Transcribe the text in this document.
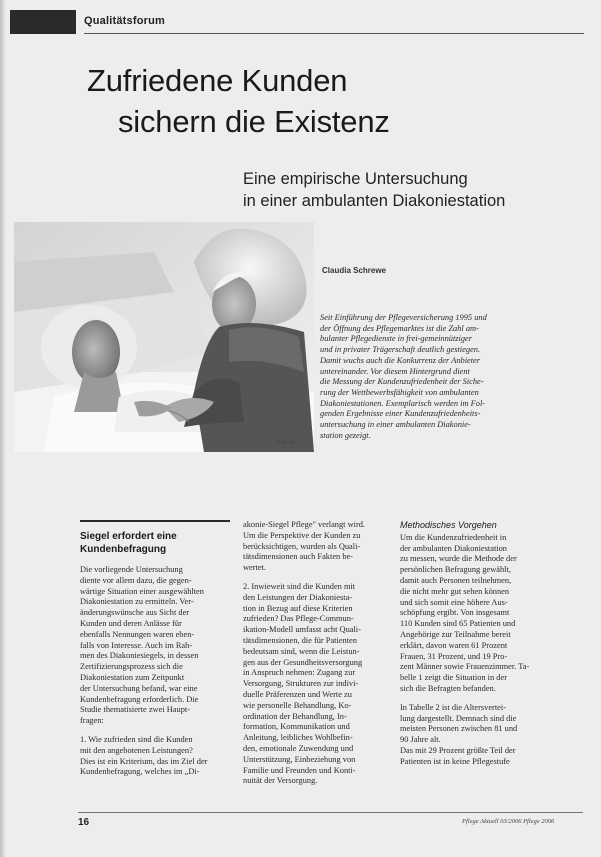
Qualitätsforum
Zufriedene Kunden
sichern die Existenz
Eine empirische Untersuchung
in einer ambulanten Diakoniestation
Claudia Schrewe
Foto: Jul
Seit Einführung der Pflegeversicherung 1995 und
der Öffnung des Pflegemarktes ist die Zahl am-
bulanter Pflegedienste in frei-gemeinnütziger
und in privater Trägerschaft deutlich gestiegen.
Damit wuchs auch die Konkurrenz der Anbieter
untereinander. Vor diesem Hintergrund dient
die Messung der Kundenzufriedenheit der Siche-
rung der Wettbewerbsfähigkeit von ambulanten
Diakoniestationen. Exemplarisch werden im Fol-
genden Ergebnisse einer Kundenzufriedenheits-
untersuchung in einer ambulanten Diakonie-
station gezeigt.
Siegel erfordert eine
Kundenbefragung
Die vorliegende Untersuchung
diente vor allem dazu, die gegen-
wärtige Situation einer ausgewählten
Diakoniestation zu ermitteln. Ver-
änderungswünsche aus Sicht der
Kunden und deren Anlässe für
ebenfalls Nennungen waren eben-
falls von Interesse. Auch im Rah-
men des Diakoniesiegels, in dessen
Zertifizierungsprozess sich die
Diakoniestation zum Zeitpunkt
der Untersuchung befand, war eine
Kundenbefragung erforderlich. Die
Studie thematisierte zwei Haupt-
fragen:
1. Wie zufrieden sind die Kunden
mit den angebotenen Leistungen?
Dies ist ein Kriterium, das im Ziel der
Kundenbefragung, welches im „Di-
akonie-Siegel Pflege" verlangt wird.
Um die Perspektive der Kunden zu
berücksichtigen, wurden als Quali-
tätsdimensionen auch Fakten be-
wertet.
2. Inwieweit sind die Kunden mit
den Leistungen der Diakoniesta-
tion in Bezug auf diese Kriterien
zufrieden? Das Pflege-Commun-
ikation-Modell umfasst acht Quali-
tätsdimensionen, die für Patienten
bedeutsam sind, wenn die Leistun-
gen aus der Gesundheitsversorgung
in Anspruch nehmen: Zugang zur
Versorgung, Strukturen zur indivi-
duelle Präferenzen und Werte zu
wie personelle Behandlung, Ko-
ordination der Behandlung, In-
formation, Kommunikation und
Anleitung, leibliches Wohlbefin-
den, emotionale Zuwendung und
Unterstützung, Einbeziehung von
Familie und Freunden und Konti-
nuität der Versorgung.
Methodisches Vorgehen
Um die Kundenzufriedenheit in
der ambulanten Diakoniestation
zu messen, wurde die Methode der
persönlichen Befragung gewählt,
damit auch Personen teilnehmen,
die nicht mehr gut sehen können
und sich somit eine höhere Aus-
schöpfung ergibt. Von insgesamt
110 Kunden sind 65 Patienten und
Angehörige zur Teilnahme bereit
erklärt, davon waren 61 Prozent
Frauen, 31 Prozent, und 19 Pro-
zent Männer sowie Frauenzimmer. Ta-
belle 1 zeigt die Situation in der
sich die Befragten befanden.
In Tabelle 2 ist die Altersvertei-
lung dargestellt. Demnach sind die
meisten Personen zwischen 81 und
90 Jahre alt.
Das mit 29 Prozent größte Teil der
Patienten ist in keine Pflegestufe
16	Pflege Aktuell 03/2006 Pflege 2006
